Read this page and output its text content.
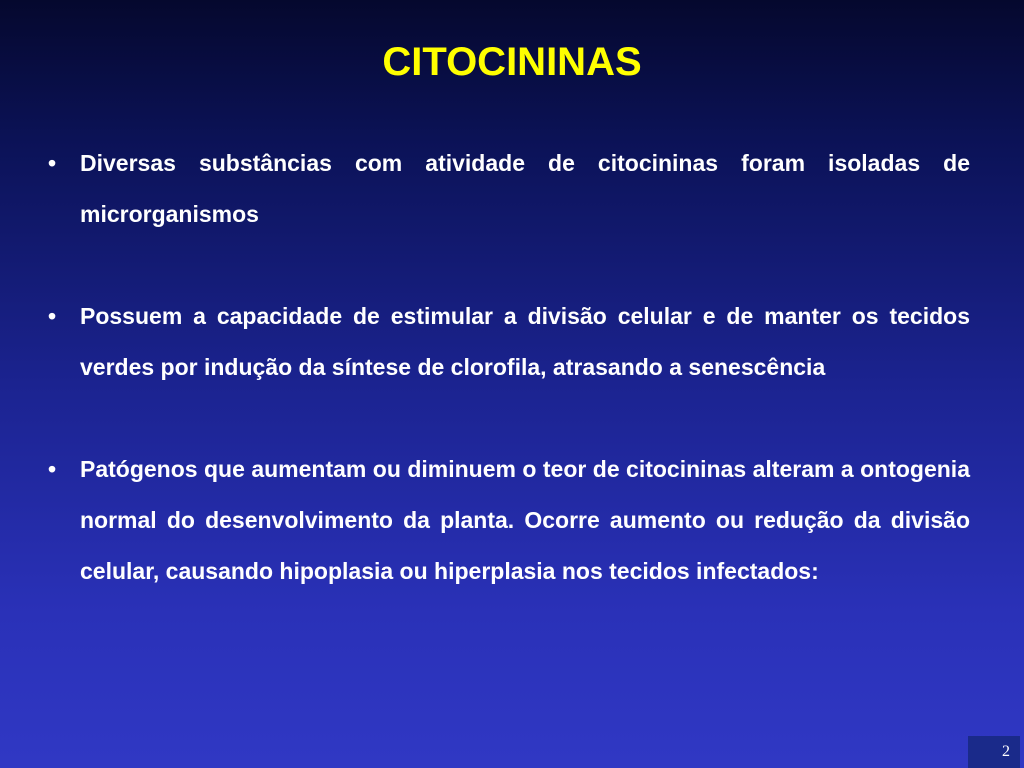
CITOCININAS
•	Diversas substâncias com atividade de citocininas foram isoladas de microrganismos
•	Possuem a capacidade de estimular a divisão celular e de manter os tecidos verdes por indução da síntese de clorofila, atrasando a senescência
•	Patógenos que aumentam ou diminuem o teor de citocininas alteram a ontogenia normal do desenvolvimento da planta. Ocorre aumento ou redução da divisão celular, causando hipoplasia ou hiperplasia nos tecidos infectados:
2
